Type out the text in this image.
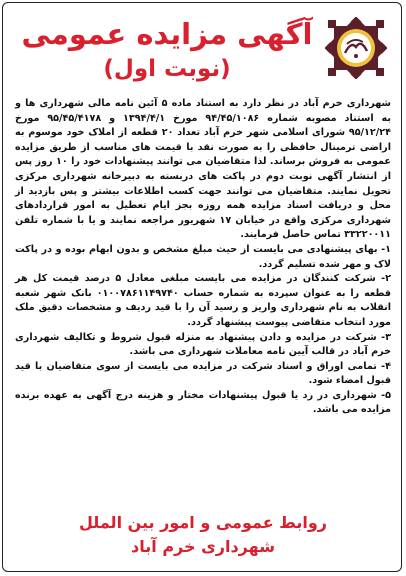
آگهی مزایده عمومی
(نوبت اول)

شهرداری خرم آباد در نظر دارد به استناد ماده ۵ آئین نامه مالی شهرداری ها و به استناد مصوبه شماره ۹۴/۴۵/۱۰۸۶ مورخ ۱۳۹۴/۴/۱ و ۹۵/۴۵/۴۱۷۸ مورخ ۹۵/۱۲/۲۴ شورای اسلامی شهر خرم آباد تعداد ۲۰ قطعه از املاک خود موسوم به اراضی ترمینال حافظی را به صورت نقد با قیمت های مناسب از طریق مزایده عمومی به فروش برساند. لذا متقاضیان می توانند پیشنهادات خود را ۱۰ روز پس از انتشار آگهی نوبت دوم در پاکت های دربسته به دبیرخانه شهرداری مرکزی تحویل نمایند. متقاضیان می توانند جهت کسب اطلاعات بیشتر و پس بازدید از محل و دریافت اسناد مزایده همه روزه بجز ایام تعطیل به امور قراردادهای شهرداری مرکزی واقع در خیابان ۱۷ شهریور مراجعه نمایند و یا با شماره تلفن ۳۳۲۲۰۰۱۱ تماس حاصل فرمایند.

۱- بهای پیشنهادی می بایست از حیث مبلغ مشخص و بدون ابهام بوده و در پاکت لاک و مهر شده تسلیم گردد.

۲- شرکت کنندگان در مزایده می بایست مبلغی معادل ۵ درصد قیمت کل هر قطعه را به عنوان سپرده به شماره حساب ۰۱۰۰۷۸۶۱۱۴۹۷۴۰ بانک شهر شعبه انقلاب به نام شهرداری واریز و رسید آن را با قید ردیف و مشخصات دقیق ملک مورد انتخاب متقاضی پیوست پیشنهاد گردد.

۳- شرکت در مزایده و دادن پیشنهاد به منزله قبول شروط و تکالیف شهرداری خرم آباد در قالب آیین نامه معاملات شهرداری می باشد.

۴- تمامی اوراق و اسناد شرکت در مزایده می بایست از سوی متقاضیان با قید قبول امضاء شود.

۵- شهرداری در رد یا قبول پیشنهادات مختار و هزینه درج آگهی به عهده برنده مزایده می باشد.

روابط عمومی و امور بین الملل
شهرداری خرم آباد
